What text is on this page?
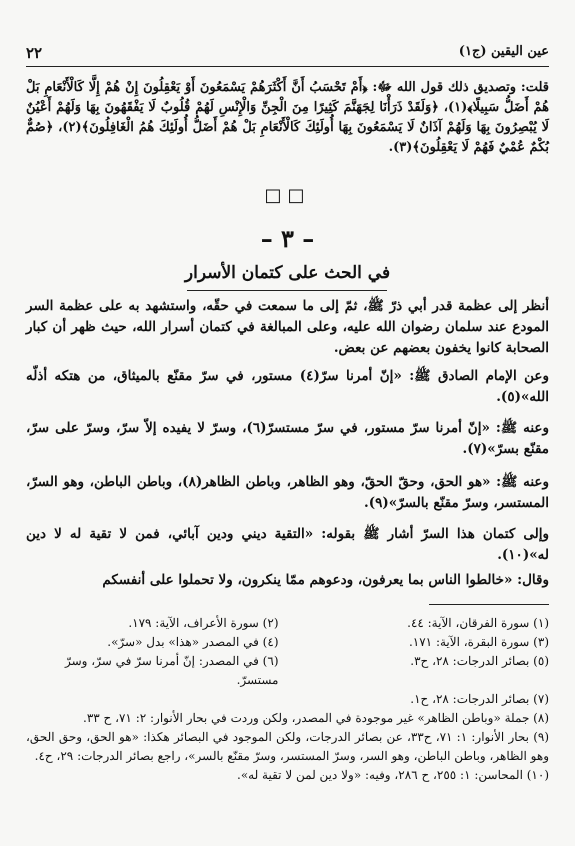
عين اليقين (ج١)
٢٢

قلت: وتصديق ذلك قول الله ﷻ: ﴿أَمْ تَحْسَبُ أَنَّ أَكْثَرَهُمْ يَسْمَعُونَ أَوْ يَعْقِلُونَ إِنْ هُمْ إِلَّا كَالْأَنْعَامِ بَلْ هُمْ أَضَلُّ سَبِيلًا﴾(١)، ﴿وَلَقَدْ ذَرَأْنَا لِجَهَنَّمَ كَثِيرًا مِنَ الْجِنِّ وَالْإِنْسِ لَهُمْ قُلُوبٌ لَا يَفْقَهُونَ بِهَا وَلَهُمْ أَعْيُنٌ لَا يُبْصِرُونَ بِهَا وَلَهُمْ آذَانٌ لَا يَسْمَعُونَ بِهَا أُولَئِكَ كَالْأَنْعَامِ بَلْ هُمْ أَضَلُّ أُولَئِكَ هُمُ الْغَافِلُونَ﴾(٢)، ﴿صُمٌّ بُكْمٌ عُمْيٌ فَهُمْ لَا يَعْقِلُونَ﴾(٣).

□□
– ٣ –
في الحث على كتمان الأسرار

أنظر إلى عظمة قدر أبي ذرّ ﷺ، ثمّ إلى ما سمعت في حقّه، واستشهد به على عظمة السر المودع عند سلمان رضوان الله عليه، وعلى المبالغة في كتمان أسرار الله، حيث ظهر أن كبار الصحابة كانوا يخفون بعضهم عن بعض.

وعن الإمام الصادق ﷺ: «إنّ أمرنا سرّ(٤) مستور، في سرّ مقنّع بالميثاق، من هتكه أذلّه الله»(٥).

وعنه ﷺ: «إنّ أمرنا سرّ مستور، في سرّ مستسرّ(٦)، وسرّ لا يفيده إلاّ سرّ، وسرّ على سرّ، مقنّع بسرّ»(٧).

وعنه ﷺ: «هو الحق، وحقّ الحقّ، وهو الظاهر، وباطن الظاهر(٨)، وباطن الباطن، وهو السرّ، المستسر، وسرّ مقنّع بالسرّ»(٩).

وإلى كتمان هذا السرّ أشار ﷺ بقوله: «التقية ديني ودين آبائي، فمن لا تقية له لا دين له»(١٠).

وقال: «خالطوا الناس بما يعرفون، ودعوهم ممّا ينكرون، ولا تحملوا على أنفسكم

(١) سورة الفرقان، الآية: ٤٤.

(٢) سورة الأعراف، الآية: ١٧٩.

(٣) سورة البقرة، الآية: ١٧١.

(٤) في المصدر «هذا» بدل «سرّ».

(٥) بصائر الدرجات: ٢٨، ح٣.

(٦) في المصدر: إنّ أمرنا سرّ في سرّ، وسرّ مستسرّ.

(٧) بصائر الدرجات: ٢٨، ح١.

(٨) جملة «وباطن الظاهر» غير موجودة في المصدر، ولكن وردت في بحار الأنوار: ٢: ٧١، ح ٣٣.

(٩) بحار الأنوار: ١: ٧١، ح٣٣، عن بصائر الدرجات، ولكن الموجود في البصائر هكذا: «هو الحق، وحق الحق، وهو الظاهر، وباطن الباطن، وهو السر، وسرّ المستسر، وسرّ مقنّع بالسر»، راجع بصائر الدرجات: ٢٩، ح٤.

(١٠) المحاسن: ١: ٢٥٥، ح ٢٨٦، وفيه: «ولا دين لمن لا تقية له».
